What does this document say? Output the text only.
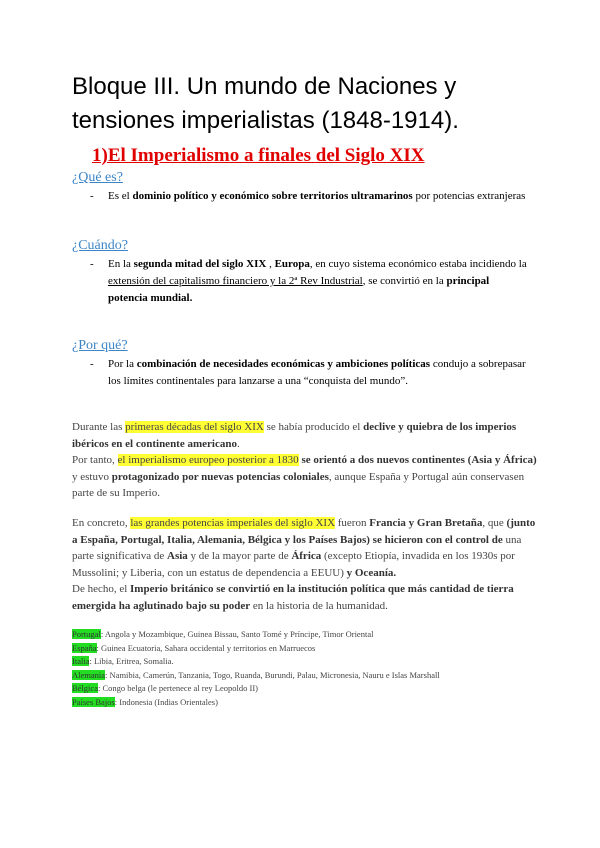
Bloque III. Un mundo de Naciones y tensiones imperialistas (1848-1914).
1)El Imperialismo a finales del Siglo XIX

¿Qué es?

- Es el dominio político y económico sobre territorios ultramarinos por potencias extranjeras

¿Cuándo?

- En la segunda mitad del siglo XIX , Europa, en cuyo sistema económico estaba incidiendo la extensión del capitalismo financiero y la 2ª Rev Industrial, se convirtió en la principal potencia mundial.

¿Por qué?

- Por la combinación de necesidades económicas y ambiciones políticas condujo a sobrepasar los límites continentales para lanzarse a una “conquista del mundo”.
Durante las primeras décadas del siglo XIX se había producido el declive y quiebra de los imperios ibéricos en el continente americano.
Por tanto, el imperialismo europeo posterior a 1830 se orientó a dos nuevos continentes (Asia y África) y estuvo protagonizado por nuevas potencias coloniales, aunque España y Portugal aún conservasen parte de su Imperio.
En concreto, las grandes potencias imperiales del siglo XIX fueron Francia y Gran Bretaña, que (junto a España, Portugal, Italia, Alemania, Bélgica y los Países Bajos) se hicieron con el control de una parte significativa de Asia y de la mayor parte de África (excepto Etiopía, invadida en los 1930s por Mussolini; y Liberia, con un estatus de dependencia a EEUU) y Oceanía.
De hecho, el Imperio británico se convirtió en la institución política que más cantidad de tierra emergida ha aglutinado bajo su poder en la historia de la humanidad.
Portugal: Angola y Mozambique, Guinea Bissau, Santo Tomé y Príncipe, Timor Oriental
España: Guinea Ecuatoria, Sahara occidental y territorios en Marruecos
Italia: Libia, Eritrea, Somalia.
Alemania: Namibia, Camerún, Tanzania, Togo, Ruanda, Burundi, Palau, Micronesia, Nauru e Islas Marshall
Bélgica: Congo belga (le pertenece al rey Leopoldo II)
Países Bajos: Indonesia (Indias Orientales)
